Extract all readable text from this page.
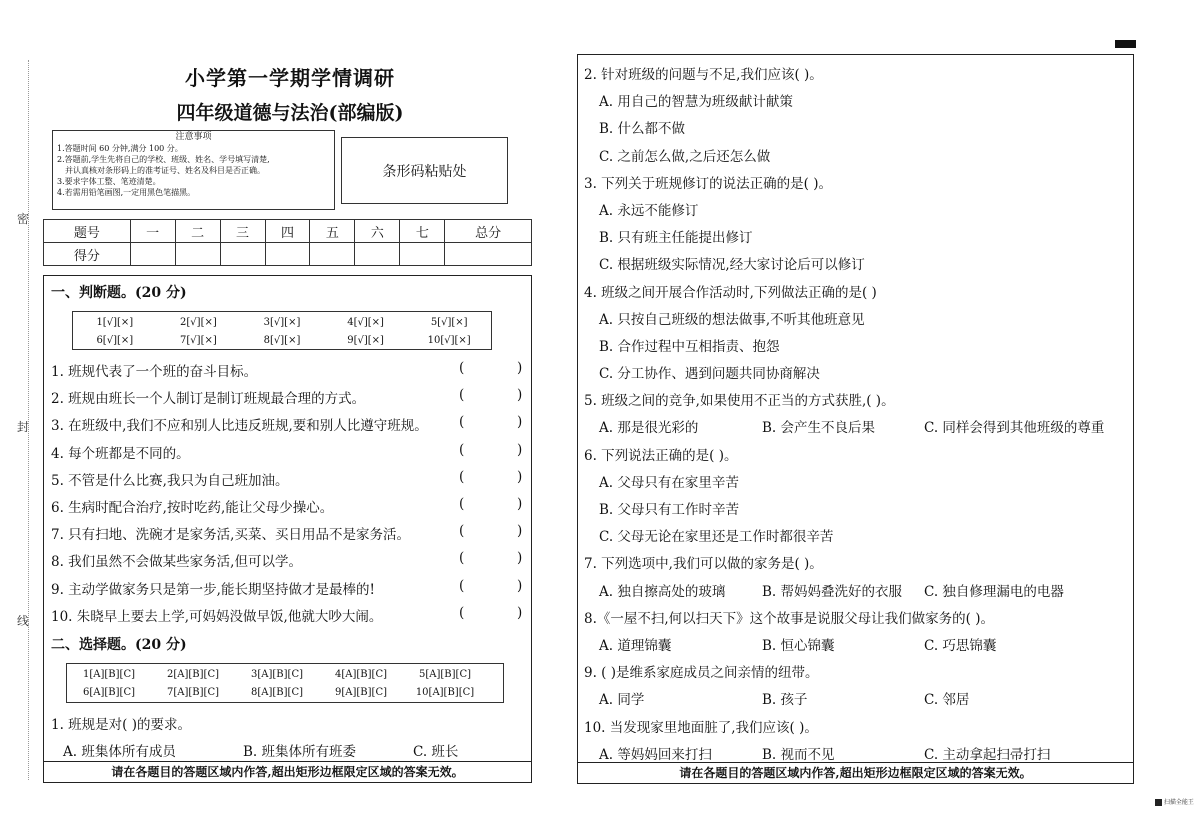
密
封
线
小学第一学期学情调研
四年级道德与法治(部编版)
注意事项
1.答题时间 60 分钟,满分 100 分。
2.答题前,学生先将自己的学校、班级、姓名、学号填写清楚,
并认真核对条形码上的准考证号、姓名及科目是否正确。
3.要求字体工整、笔迹清楚。
4.若需用铅笔画图,一定用黑色笔描黑。
条形码粘贴处
题号	一	二	三	四	五	六	七	总分
得分								
一、判断题。(20 分)
1[√][×]	2[√][×]	3[√][×]	4[√][×]	5[√][×]
6[√][×]	7[√][×]	8[√][×]	9[√][×]	10[√][×]
1. 班规代表了一个班的奋斗目标。	(	)
2. 班规由班长一个人制订是制订班规最合理的方式。	(	)
3. 在班级中,我们不应和别人比违反班规,要和别人比遵守班规。 (	)
4. 每个班都是不同的。	(	)
5. 不管是什么比赛,我只为自己班加油。	(	)
6. 生病时配合治疗,按时吃药,能让父母少操心。	(	)
7. 只有扫地、洗碗才是家务活,买菜、买日用品不是家务活。	(	)
8. 我们虽然不会做某些家务活,但可以学。	(	)
9. 主动学做家务只是第一步,能长期坚持做才是最棒的!	(	)
10. 朱晓早上要去上学,可妈妈没做早饭,他就大吵大闹。	(	)
二、选择题。(20 分)
1[A][B][C]	2[A][B][C]	3[A][B][C]	4[A][B][C]	5[A][B][C]
6[A][B][C]	7[A][B][C]	8[A][B][C]	9[A][B][C]	10[A][B][C]
1. 班规是对( )的要求。
A. 班集体所有成员	B. 班集体所有班委	C. 班长
请在各题目的答题区域内作答,超出矩形边框限定区域的答案无效。
2. 针对班级的问题与不足,我们应该( )。
A. 用自己的智慧为班级献计献策
B. 什么都不做
C. 之前怎么做,之后还怎么做
3. 下列关于班规修订的说法正确的是( )。
A. 永远不能修订
B. 只有班主任能提出修订
C. 根据班级实际情况,经大家讨论后可以修订
4. 班级之间开展合作活动时,下列做法正确的是( )
A. 只按自己班级的想法做事,不听其他班意见
B. 合作过程中互相指责、抱怨
C. 分工协作、遇到问题共同协商解决
5. 班级之间的竞争,如果使用不正当的方式获胜,( )。
A. 那是很光彩的	B. 会产生不良后果	C. 同样会得到其他班级的尊重
6. 下列说法正确的是( )。
A. 父母只有在家里辛苦
B. 父母只有工作时辛苦
C. 父母无论在家里还是工作时都很辛苦
7. 下列选项中,我们可以做的家务是( )。
A. 独自擦高处的玻璃	B. 帮妈妈叠洗好的衣服 C. 独自修理漏电的电器
8.《一屋不扫,何以扫天下》这个故事是说服父母让我们做家务的( )。
A. 道理锦囊	B. 恒心锦囊	C. 巧思锦囊
9. ( )是维系家庭成员之间亲情的纽带。
A. 同学	B. 孩子	C. 邻居
10. 当发现家里地面脏了,我们应该( )。
A. 等妈妈回来打扫	B. 视而不见	C. 主动拿起扫帚打扫
请在各题目的答题区域内作答,超出矩形边框限定区域的答案无效。
扫描全能王
